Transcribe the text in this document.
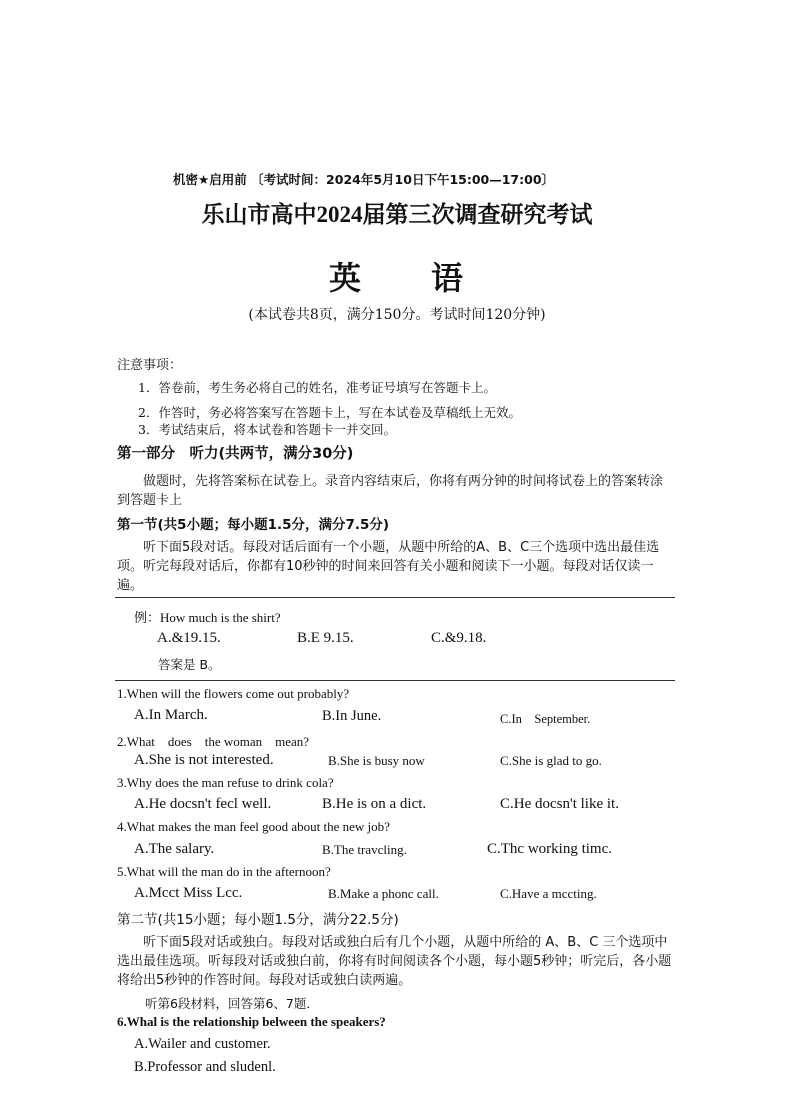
机密★启用前 〔考试时间：2024年5月10日下午15:00—17:00〕
乐山市高中2024届第三次调查研究考试
英　　语
(本试卷共8页，满分150分。考试时间120分钟)
注意事项：
1．答卷前，考生务必将自己的姓名，准考证号填写在答题卡上。
2．作答时，务必将答案写在答题卡上，写在本试卷及草稿纸上无效。
3．考试结束后，将本试卷和答题卡一并交回。
第一部分　听力(共两节，满分30分)
做题时，先将答案标在试卷上。录音内容结束后，你将有两分钟的时间将试卷上的答案转涂到答题卡上
第一节(共5小题；每小题1.5分，满分7.5分)
听下面5段对话。每段对话后面有一个小题，从题中所给的A、B、C三个选项中选出最佳选项。听完每段对话后，你都有10秒钟的时间来回答有关小题和阅读下一小题。每段对话仅读一遍。
例：How much is the shirt?
A.&19.15.	B.E 9.15.	C.&9.18.
答案是 B。
1.When will the flowers come out probably?
A.In March.	B.In June.	C.In　September.
2.What　does　the woman　mean?
A.She is not interested.	B.She is busy now	C.She is glad to go.
3.Why does the man refuse to drink cola?
A.He docsn't fecl well.	B.He is on a dict.	C.He docsn't like it.
4.What makes the man feel good about the new job?
A.The salary.	B.The travcling.	C.Thc working timc.
5.What will the man do in the afternoon?
A.Mcct Miss Lcc.	B.Make a phonc call.	C.Have a mccting.
第二节(共15小题；每小题1.5分，满分22.5分)
听下面5段对话或独白。每段对话或独白后有几个小题，从题中所给的 A、B、C 三个选项中选出最佳选项。听每段对话或独白前，你将有时间阅读各个小题，每小题5秒钟；听完后，各小题将给出5秒钟的作答时间。每段对话或独白读两遍。
听第6段材料，回答第6、7题．
6.Whal is the relationship belween the speakers?
A.Wailer and customer.
B.Professor and sludenl.
